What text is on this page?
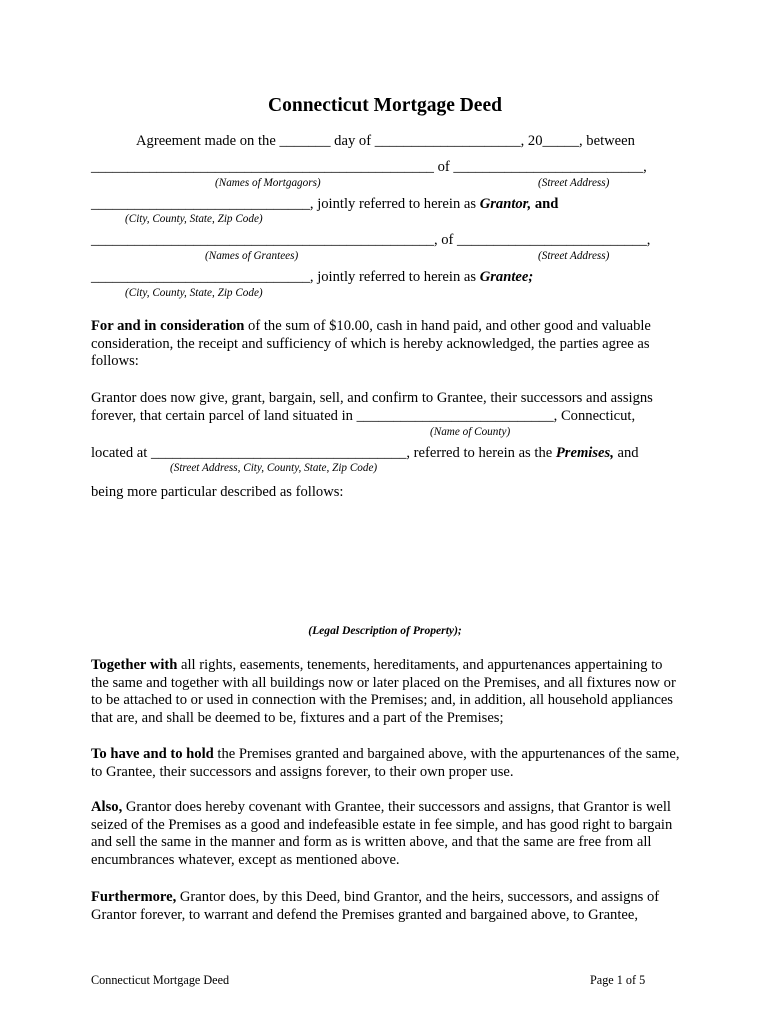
Connecticut Mortgage Deed
Agreement made on the _______ day of ____________________, 20_____, between
_______________________________________________ of __________________________,
(Names of Mortgagors)	(Street Address)
______________________________, jointly referred to herein as Grantor, and
(City, County, State, Zip Code)
_______________________________________________, of __________________________,
(Names of Grantees)	(Street Address)
______________________________, jointly referred to herein as Grantee;
(City, County, State, Zip Code)

For and in consideration of the sum of $10.00, cash in hand paid, and other good and valuable consideration, the receipt and sufficiency of which is hereby acknowledged, the parties agree as follows:

Grantor does now give, grant, bargain, sell, and confirm to Grantee, their successors and assigns
forever, that certain parcel of land situated in ___________________________, Connecticut,
(Name of County)
located at ___________________________________, referred to herein as the Premises, and
(Street Address, City, County, State, Zip Code)
being more particular described as follows:
(Legal Description of Property);

Together with all rights, easements, tenements, hereditaments, and appurtenances appertaining to the same and together with all buildings now or later placed on the Premises, and all fixtures now or to be attached to or used in connection with the Premises; and, in addition, all household appliances that are, and shall be deemed to be, fixtures and a part of the Premises;

To have and to hold the Premises granted and bargained above, with the appurtenances of the same, to Grantee, their successors and assigns forever, to their own proper use.

Also, Grantor does hereby covenant with Grantee, their successors and assigns, that Grantor is well seized of the Premises as a good and indefeasible estate in fee simple, and has good right to bargain and sell the same in the manner and form as is written above, and that the same are free from all encumbrances whatever, except as mentioned above.

Furthermore, Grantor does, by this Deed, bind Grantor, and the heirs, successors, and assigns of Grantor forever, to warrant and defend the Premises granted and bargained above, to Grantee,

Connecticut Mortgage Deed	Page 1 of 5
